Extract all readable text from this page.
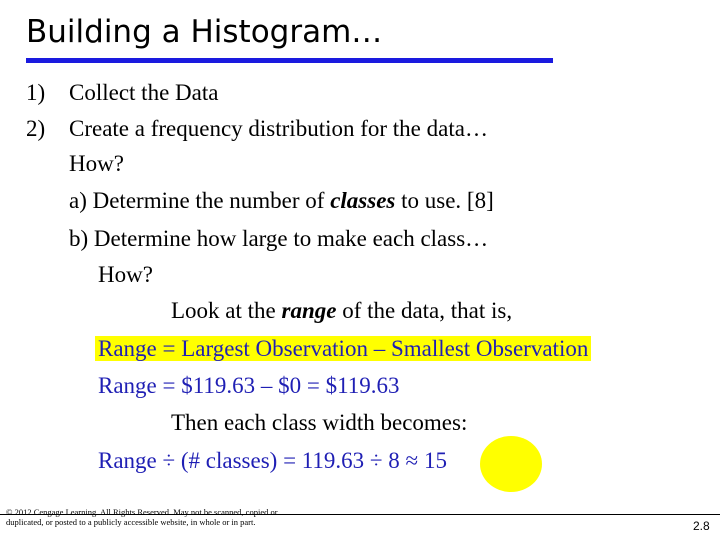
Building a Histogram…
1) Collect the Data
2) Create a frequency distribution for the data…
How?
a) Determine the number of classes to use. [8]
b) Determine how large to make each class…
How?
Look at the range of the data, that is,
Range = Largest Observation – Smallest Observation
Range = $119.63 – $0 = $119.63
Then each class width becomes:
Range ÷ (# classes) = 119.63 ÷ 8 ≈ 15
© 2012 Cengage Learning. All Rights Reserved. May not be scanned, copied or
duplicated, or posted to a publicly accessible website, in whole or in part.	2.8
